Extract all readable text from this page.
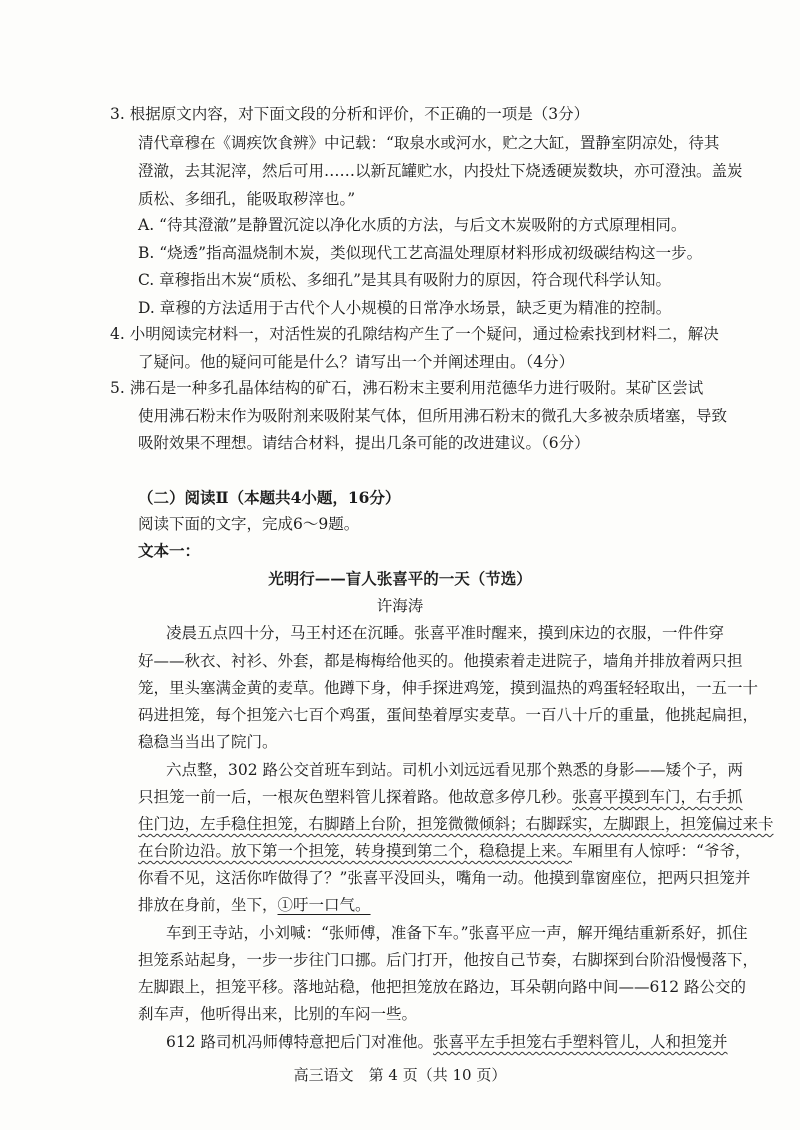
3. 根据原文内容，对下面文段的分析和评价，不正确的一项是（3分）
清代章穆在《调疾饮食辨》中记载：“取泉水或河水，贮之大缸，置静室阴凉处，待其
澄澈，去其泥滓，然后可用……以新瓦罐贮水，内投灶下烧透硬炭数块，亦可澄浊。盖炭
质松、多细孔，能吸取秽滓也。”
A. “待其澄澈”是静置沉淀以净化水质的方法，与后文木炭吸附的方式原理相同。
B. “烧透”指高温烧制木炭，类似现代工艺高温处理原材料形成初级碳结构这一步。
C. 章穆指出木炭“质松、多细孔”是其具有吸附力的原因，符合现代科学认知。
D. 章穆的方法适用于古代个人小规模的日常净水场景，缺乏更为精准的控制。
4. 小明阅读完材料一，对活性炭的孔隙结构产生了一个疑问，通过检索找到材料二，解决
了疑问。他的疑问可能是什么？请写出一个并阐述理由。（4分）
5. 沸石是一种多孔晶体结构的矿石，沸石粉末主要利用范德华力进行吸附。某矿区尝试
使用沸石粉末作为吸附剂来吸附某气体，但所用沸石粉末的微孔大多被杂质堵塞，导致
吸附效果不理想。请结合材料，提出几条可能的改进建议。（6分）
（二）阅读Ⅱ（本题共4小题，16分）
阅读下面的文字，完成6～9题。
文本一：
光明行——盲人张喜平的一天（节选）
许海涛
凌晨五点四十分，马王村还在沉睡。张喜平准时醒来，摸到床边的衣服，一件件穿
好——秋衣、衬衫、外套，都是梅梅给他买的。他摸索着走进院子，墙角并排放着两只担
笼，里头塞满金黄的麦草。他蹲下身，伸手探进鸡笼，摸到温热的鸡蛋轻轻取出，一五一十
码进担笼，每个担笼六七百个鸡蛋，蛋间垫着厚实麦草。一百八十斤的重量，他挑起扁担，
稳稳当当出了院门。
六点整，302 路公交首班车到站。司机小刘远远看见那个熟悉的身影——矮个子，两
只担笼一前一后，一根灰色塑料管儿探着路。他故意多停几秒。张喜平摸到车门，右手抓
住门边，左手稳住担笼，右脚踏上台阶，担笼微微倾斜；右脚踩实，左脚跟上，担笼偏过来卡
在台阶边沿。放下第一个担笼，转身摸到第二个，稳稳提上来。车厢里有人惊呼：“爷爷，
你看不见，这活你咋做得了？”张喜平没回头，嘴角一动。他摸到靠窗座位，把两只担笼并
排放在身前，坐下，①吁一口气。
车到王寺站，小刘喊：“张师傅，准备下车。”张喜平应一声，解开绳结重新系好，抓住
担笼系站起身，一步一步往门口挪。后门打开，他按自己节奏，右脚探到台阶沿慢慢落下，
左脚跟上，担笼平移。落地站稳，他把担笼放在路边，耳朵朝向路中间——612 路公交的
刹车声，他听得出来，比别的车闷一些。
612 路司机冯师傅特意把后门对准他。张喜平左手担笼右手塑料管儿，人和担笼并
高三语文　第 4 页（共 10 页）
